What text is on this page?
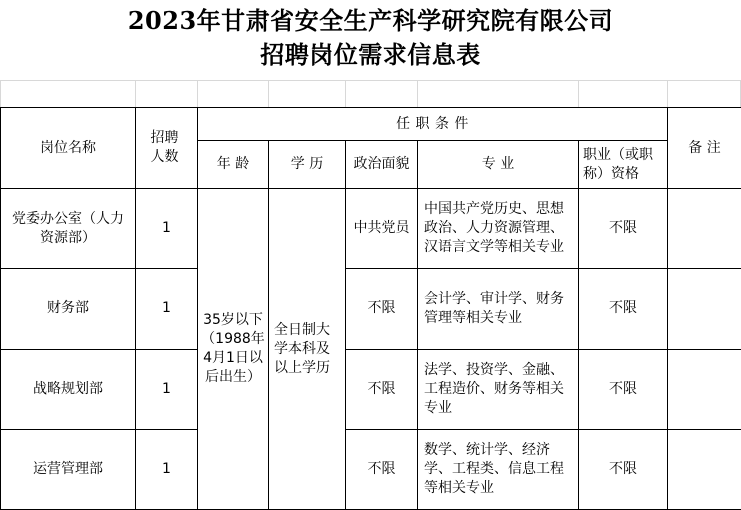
2023年甘肃省安全生产科学研究院有限公司
招聘岗位需求信息表
岗位名称	招聘人数	任 职 条 件					备 注
		年 龄	学 历	政治面貌	专 业	职业（或职称）资格	
党委办公室（人力资源部）	1	35岁以下（1988年4月1日以后出生）	全日制大学本科及以上学历	中共党员	中国共产党历史、思想政治、人力资源管理、汉语言文学等相关专业	不限	
财务部	1			不限	会计学、审计学、财务管理等相关专业	不限	
战略规划部	1			不限	法学、投资学、金融、工程造价、财务等相关专业	不限	
运营管理部	1			不限	数学、统计学、经济学、工程类、信息工程等相关专业	不限	
